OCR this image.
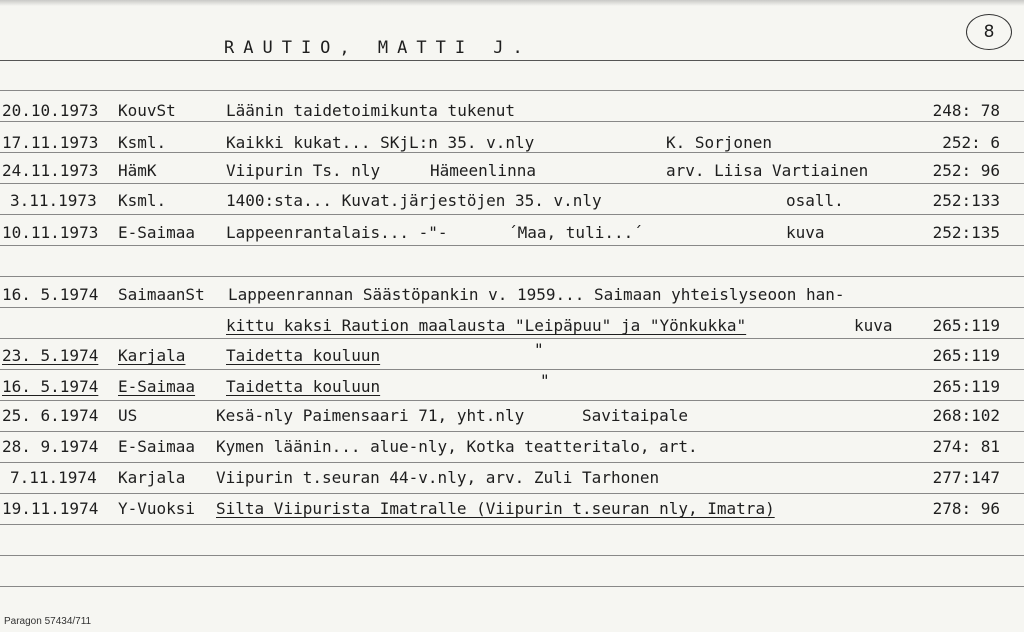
RAUTIO, MATTI J.
8
20.10.1973 KouvSt	Läänin taidetoimikunta tukenut	248: 78
17.11.1973 Ksml.	Kaikki kukat... SKjL:n 35. v.nly	K. Sorjonen	252: 6
24.11.1973 HämK	Viipurin Ts. nly	Hämeenlinna	arv. Liisa Vartiainen	252: 96
3.11.1973 Ksml.	1400:sta... Kuvat.järjestöjen 35. v.nly	osall.	252:133
10.11.1973 E-Saimaa Lappeenrantalais... -"-	´Maa, tuli...´	kuva	252:135
16. 5.1974 SaimaanSt Lappeenrannan Säästöpankin v. 1959... Saimaan yhteislyseoon han-
kittu kaksi Raution maalausta "Leipäpuu" ja "Yönkukka"	kuva	265:119
23. 5.1974 Karjala	Taidetta kouluun	"	265:119
16. 5.1974 E-Saimaa Taidetta kouluun	"	265:119
25. 6.1974 US	Kesä-nly Paimensaari 71, yht.nly	Savitaipale	268:102
28. 9.1974 E-Saimaa Kymen läänin... alue-nly, Kotka teatteritalo, art.	274: 81
7.11.1974 Karjala Viipurin t.seuran 44-v.nly, arv. Zuli Tarhonen	277:147
19.11.1974 Y-Vuoksi Silta Viipurista Imatralle (Viipurin t.seuran nly, Imatra)	278: 96
Paragon 57434/711
